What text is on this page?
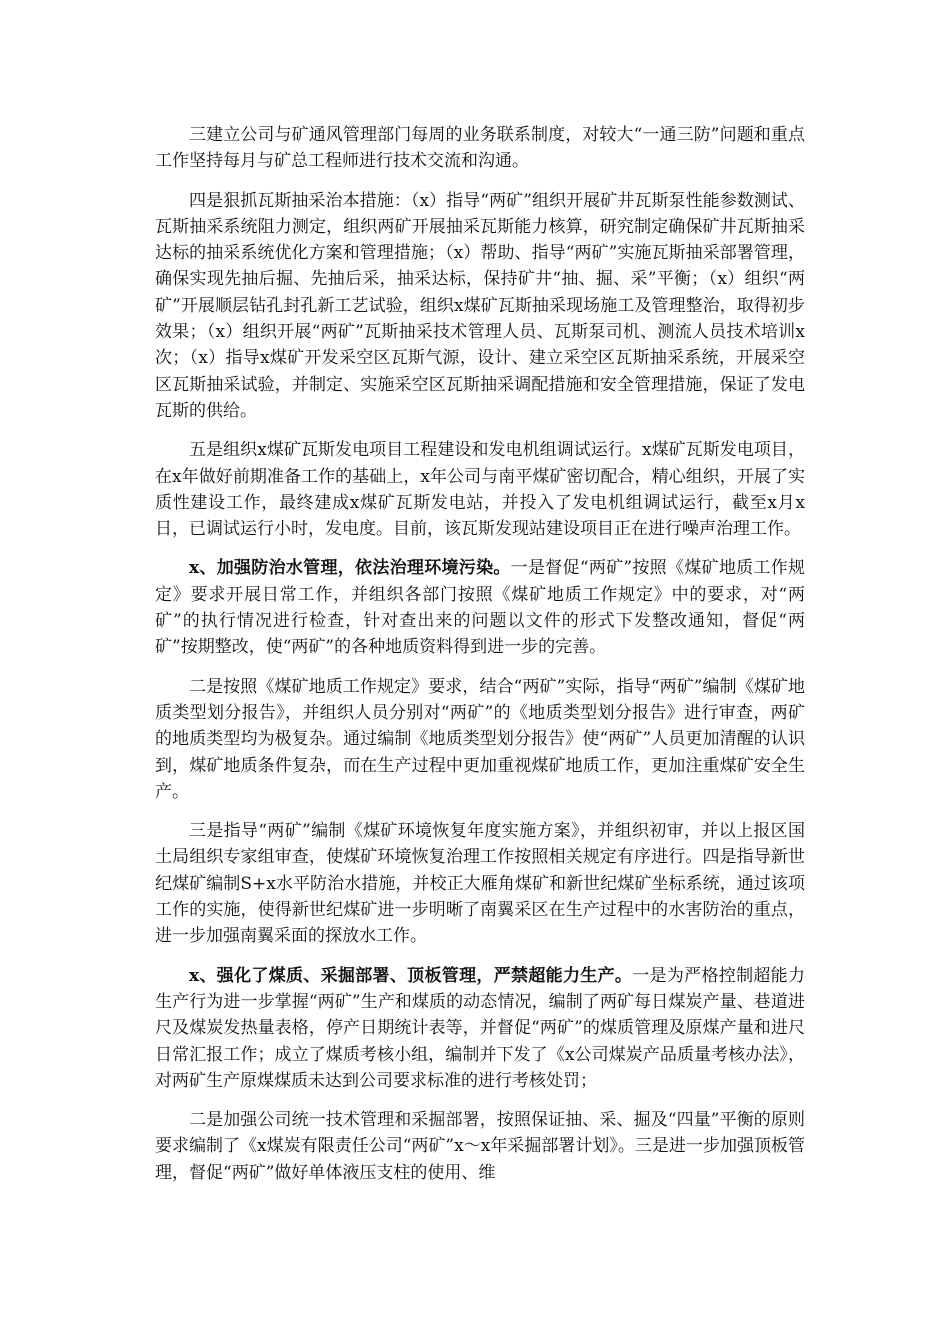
三建立公司与矿通风管理部门每周的业务联系制度，对较大“一通三防”问题和重点工作坚持每月与矿总工程师进行技术交流和沟通。

四是狠抓瓦斯抽采治本措施：（x）指导“两矿”组织开展矿井瓦斯泵性能参数测试、瓦斯抽采系统阻力测定，组织两矿开展抽采瓦斯能力核算，研究制定确保矿井瓦斯抽采达标的抽采系统优化方案和管理措施；（x）帮助、指导“两矿”实施瓦斯抽采部署管理，确保实现先抽后掘、先抽后采，抽采达标，保持矿井“抽、掘、采”平衡；（x）组织“两矿”开展顺层钻孔封孔新工艺试验，组织x煤矿瓦斯抽采现场施工及管理整治，取得初步效果；（x）组织开展“两矿”瓦斯抽采技术管理人员、瓦斯泵司机、测流人员技术培训x次；（x）指导x煤矿开发采空区瓦斯气源，设计、建立采空区瓦斯抽采系统，开展采空区瓦斯抽采试验，并制定、实施采空区瓦斯抽采调配措施和安全管理措施，保证了发电瓦斯的供给。

五是组织x煤矿瓦斯发电项目工程建设和发电机组调试运行。x煤矿瓦斯发电项目，在x年做好前期准备工作的基础上，x年公司与南平煤矿密切配合，精心组织，开展了实质性建设工作，最终建成x煤矿瓦斯发电站，并投入了发电机组调试运行，截至x月x日，已调试运行小时，发电度。目前，该瓦斯发现站建设项目正在进行噪声治理工作。

x、加强防治水管理，依法治理环境污染。一是督促“两矿”按照《煤矿地质工作规定》要求开展日常工作，并组织各部门按照《煤矿地质工作规定》中的要求，对“两矿”的执行情况进行检查，针对查出来的问题以文件的形式下发整改通知，督促“两矿”按期整改，使“两矿”的各种地质资料得到进一步的完善。

二是按照《煤矿地质工作规定》要求，结合“两矿”实际，指导“两矿”编制《煤矿地质类型划分报告》，并组织人员分别对“两矿”的《地质类型划分报告》进行审查，两矿的地质类型均为极复杂。通过编制《地质类型划分报告》使“两矿”人员更加清醒的认识到，煤矿地质条件复杂，而在生产过程中更加重视煤矿地质工作，更加注重煤矿安全生产。

三是指导“两矿”编制《煤矿环境恢复年度实施方案》，并组织初审，并以上报区国土局组织专家组审查，使煤矿环境恢复治理工作按照相关规定有序进行。四是指导新世纪煤矿编制S+x水平防治水措施，并校正大雁角煤矿和新世纪煤矿坐标系统，通过该项工作的实施，使得新世纪煤矿进一步明晰了南翼采区在生产过程中的水害防治的重点，进一步加强南翼采面的探放水工作。

x、强化了煤质、采掘部署、顶板管理，严禁超能力生产。一是为严格控制超能力生产行为进一步掌握“两矿”生产和煤质的动态情况，编制了两矿每日煤炭产量、巷道进尺及煤炭发热量表格，停产日期统计表等，并督促“两矿”的煤质管理及原煤产量和进尺日常汇报工作；成立了煤质考核小组，编制并下发了《x公司煤炭产品质量考核办法》，对两矿生产原煤煤质未达到公司要求标准的进行考核处罚；

二是加强公司统一技术管理和采掘部署，按照保证抽、采、掘及“四量”平衡的原则要求编制了《x煤炭有限责任公司“两矿”x～x年采掘部署计划》。三是进一步加强顶板管理，督促“两矿”做好单体液压支柱的使用、维
